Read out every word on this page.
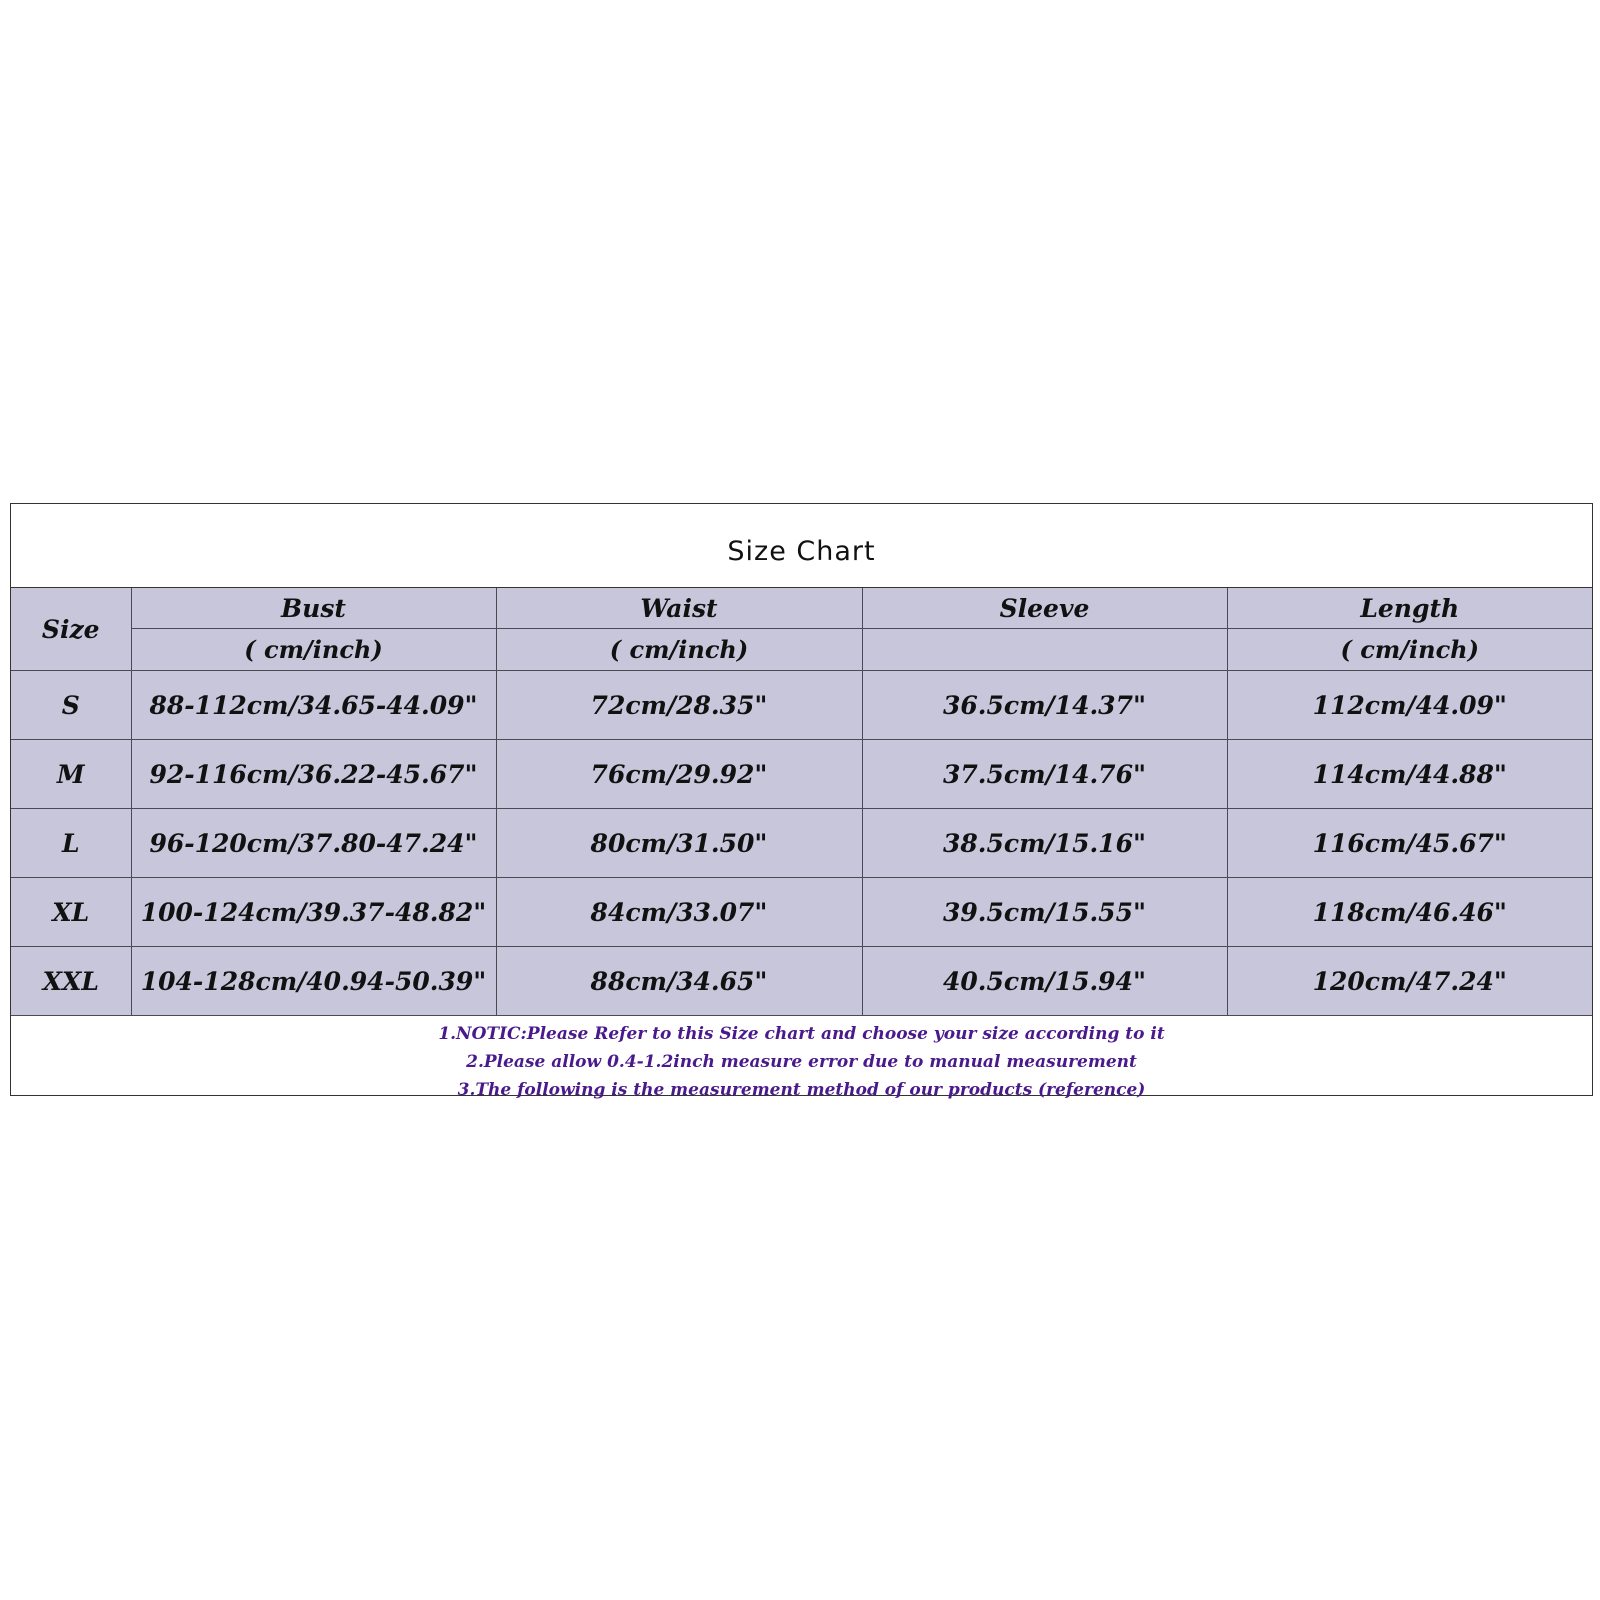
Size Chart
Size	Bust	Waist	Sleeve	Length
	( cm/inch)	( cm/inch)		( cm/inch)
S	88-112cm/34.65-44.09"	72cm/28.35"	36.5cm/14.37"	112cm/44.09"
M	92-116cm/36.22-45.67"	76cm/29.92"	37.5cm/14.76"	114cm/44.88"
L	96-120cm/37.80-47.24"	80cm/31.50"	38.5cm/15.16"	116cm/45.67"
XL	100-124cm/39.37-48.82"	84cm/33.07"	39.5cm/15.55"	118cm/46.46"
XXL	104-128cm/40.94-50.39"	88cm/34.65"	40.5cm/15.94"	120cm/47.24"
1.NOTIC:Please Refer to this Size chart and choose your size according to it
2.Please allow 0.4-1.2inch measure error due to manual measurement
3.The following is the measurement method of our products (reference)
